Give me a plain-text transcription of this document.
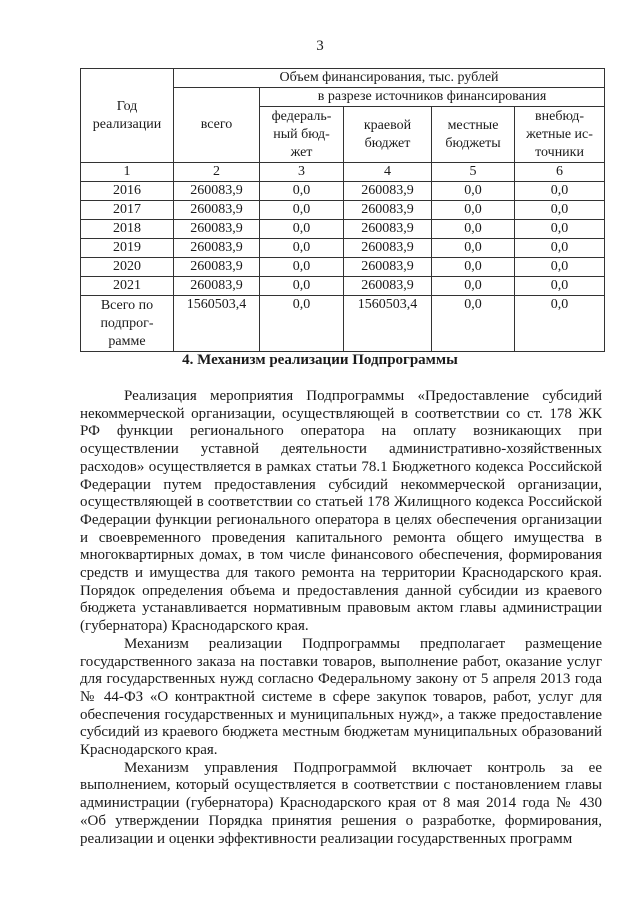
3
Год реализации	Объем финансирования, тыс. рублей				
	всего	в разрезе источников финансирования			
		федераль-ный бюд-жет	краевой бюджет	местные бюджеты	внебюд-жетные ис-точники
1	2	3	4	5	6
2016	260083,9	0,0	260083,9	0,0	0,0
2017	260083,9	0,0	260083,9	0,0	0,0
2018	260083,9	0,0	260083,9	0,0	0,0
2019	260083,9	0,0	260083,9	0,0	0,0
2020	260083,9	0,0	260083,9	0,0	0,0
2021	260083,9	0,0	260083,9	0,0	0,0
Всего по подпрог-рамме	1560503,4	0,0	1560503,4	0,0	0,0
4. Механизм реализации Подпрограммы

Реализация мероприятия Подпрограммы «Предоставление субсидий некоммерческой организации, осуществляющей в соответствии со ст. 178 ЖК РФ функции регионального оператора на оплату возникающих при осуществлении уставной деятельности административно-хозяйственных расходов» осуществляется в рамках статьи 78.1 Бюджетного кодекса Российской Федерации путем предоставления субсидий некоммерческой организации, осуществляющей в соответствии со статьей 178 Жилищного кодекса Российской Федерации функции регионального оператора в целях обеспечения организации и своевременного проведения капитального ремонта общего имущества в многоквартирных домах, в том числе финансового обеспечения, формирования средств и имущества для такого ремонта на территории Краснодарского края. Порядок определения объема и предоставления данной субсидии из краевого бюджета устанавливается нормативным правовым актом главы администрации (губернатора) Краснодарского края.

Механизм реализации Подпрограммы предполагает размещение государственного заказа на поставки товаров, выполнение работ, оказание услуг для государственных нужд согласно Федеральному закону от 5 апреля 2013 года № 44-ФЗ «О контрактной системе в сфере закупок товаров, работ, услуг для обеспечения государственных и муниципальных нужд», а также предоставление субсидий из краевого бюджета местным бюджетам муниципальных образований Краснодарского края.

Механизм управления Подпрограммой включает контроль за ее выполнением, который осуществляется в соответствии с постановлением главы администрации (губернатора) Краснодарского края от 8 мая 2014 года № 430 «Об утверждении Порядка принятия решения о разработке, формирования, реализации и оценки эффективности реализации государственных программ
